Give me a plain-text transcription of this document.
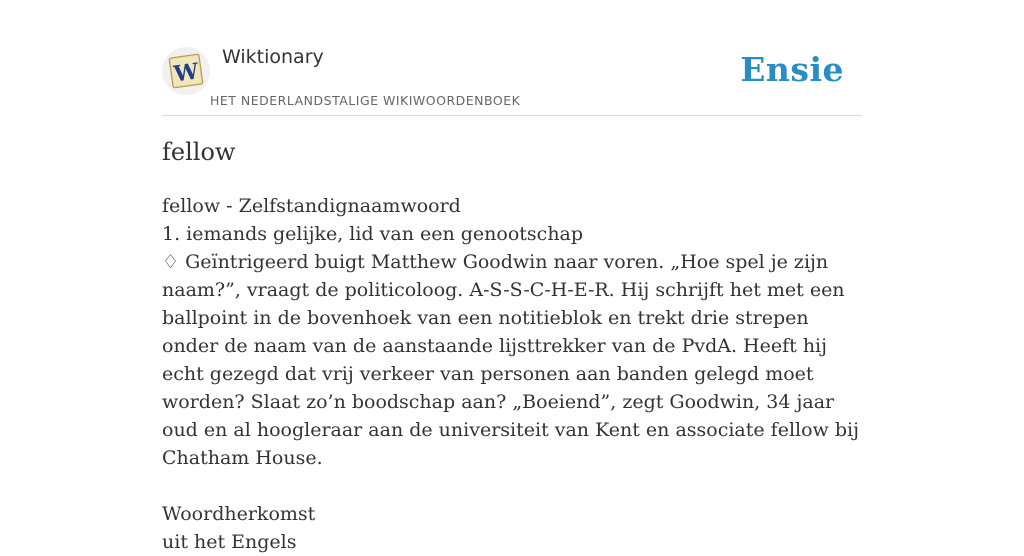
W
Wiktionary
HET NEDERLANDSTALIGE WIKIWOORDENBOEK
Ensie
fellow

fellow - Zelfstandignaamwoord

1. iemands gelijke, lid van een genootschap

♢ Geïntrigeerd buigt Matthew Goodwin naar voren. „Hoe spel je zijn naam?”, vraagt de politicoloog. A-S-S-C-H-E-R. Hij schrijft het met een ballpoint in de bovenhoek van een notitieblok en trekt drie strepen onder de naam van de aanstaande lijsttrekker van de PvdA. Heeft hij echt gezegd dat vrij verkeer van personen aan banden gelegd moet worden? Slaat zo’n boodschap aan? „Boeiend”, zegt Goodwin, 34 jaar oud en al hoogleraar aan de universiteit van Kent en associate fellow bij Chatham House.

Woordherkomst

uit het Engels
